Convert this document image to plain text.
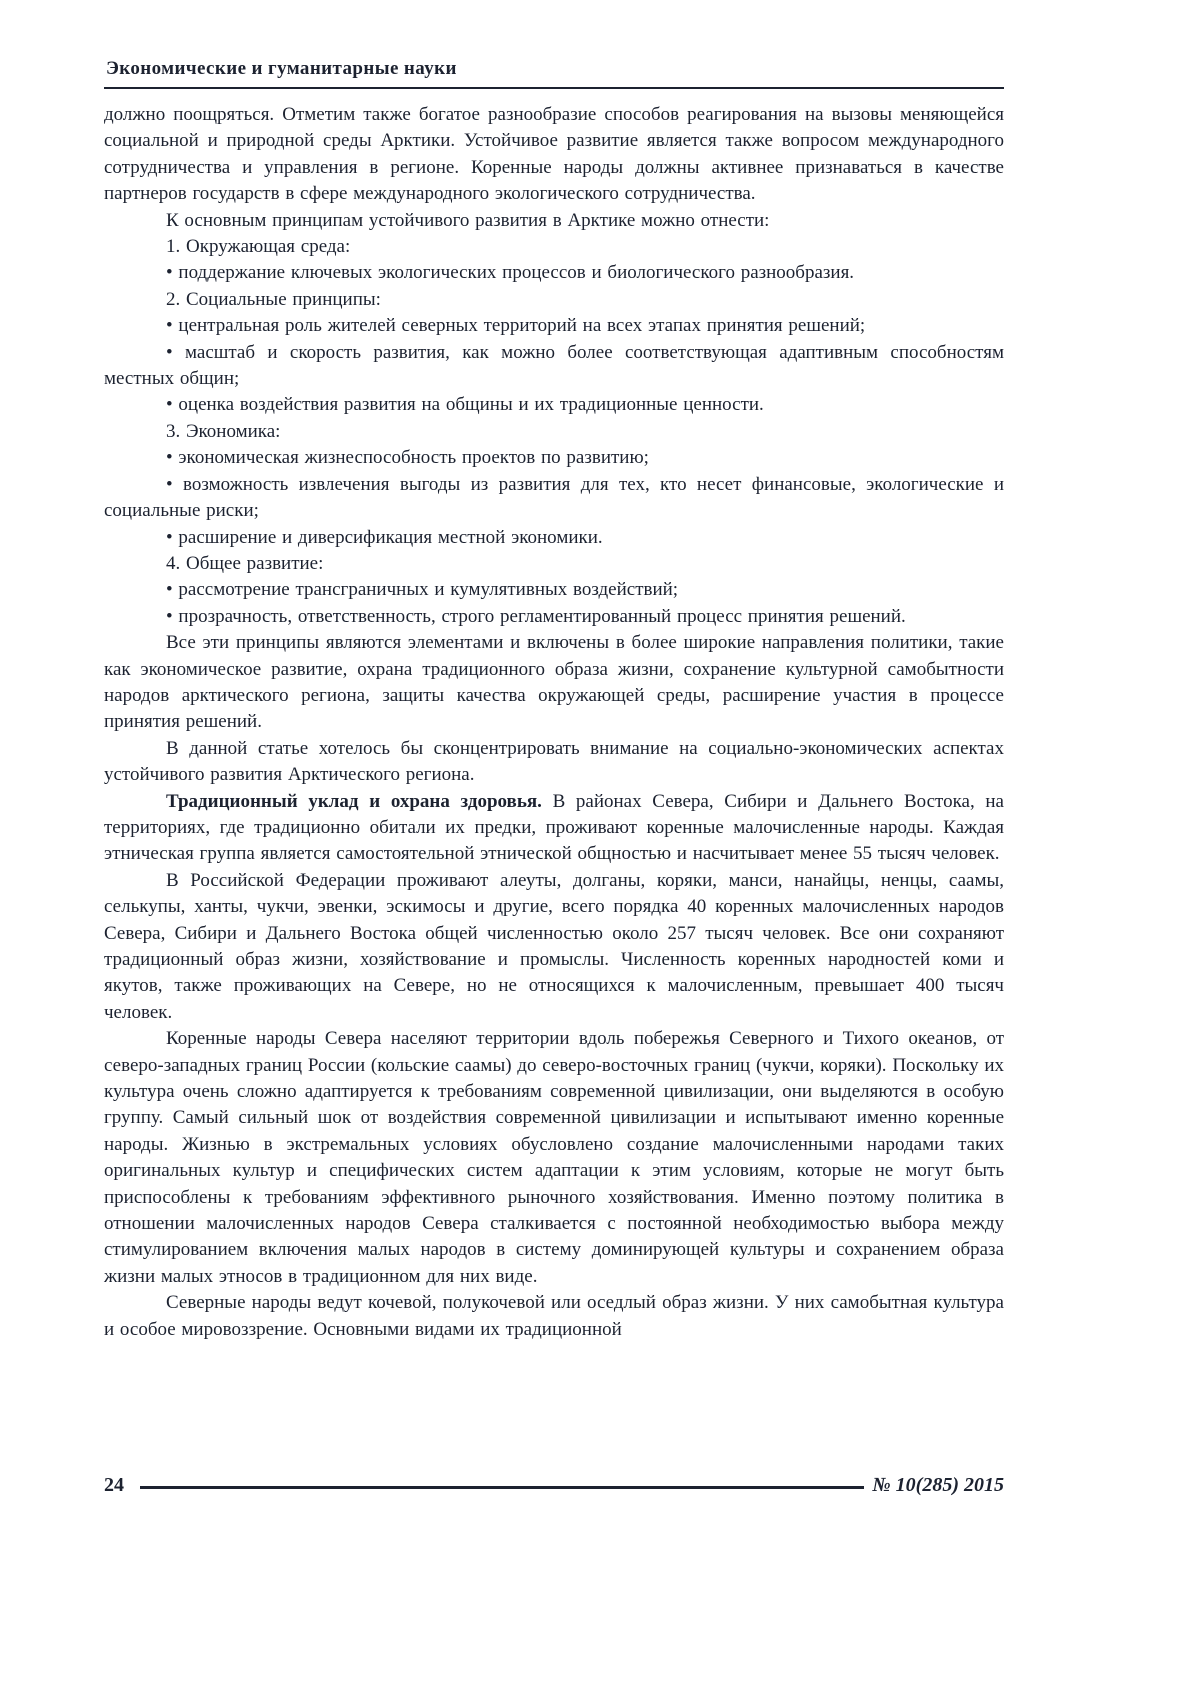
Экономические и гуманитарные науки

должно поощряться. Отметим также богатое разнообразие способов реагирования на вызовы меняющейся социальной и природной среды Арктики. Устойчивое развитие является также вопросом международного сотрудничества и управления в регионе. Коренные народы должны активнее признаваться в качестве партнеров государств в сфере международного экологического сотрудничества.

К основным принципам устойчивого развития в Арктике можно отнести:

1. Окружающая среда:

• поддержание ключевых экологических процессов и биологического разнообразия.

2. Социальные принципы:

• центральная роль жителей северных территорий на всех этапах принятия решений;

• масштаб и скорость развития, как можно более соответствующая адаптивным способностям местных общин;

• оценка воздействия развития на общины и их традиционные ценности.

3. Экономика:

• экономическая жизнеспособность проектов по развитию;

• возможность извлечения выгоды из развития для тех, кто несет финансовые, экологические и социальные риски;

• расширение и диверсификация местной экономики.

4. Общее развитие:

• рассмотрение трансграничных и кумулятивных воздействий;

• прозрачность, ответственность, строго регламентированный процесс принятия решений.

Все эти принципы являются элементами и включены в более широкие направления политики, такие как экономическое развитие, охрана традиционного образа жизни, сохранение культурной самобытности народов арктического региона, защиты качества окружающей среды, расширение участия в процессе принятия решений.

В данной статье хотелось бы сконцентрировать внимание на социально-экономических аспектах устойчивого развития Арктического региона.

Традиционный уклад и охрана здоровья. В районах Севера, Сибири и Дальнего Востока, на территориях, где традиционно обитали их предки, проживают коренные малочисленные народы. Каждая этническая группа является самостоятельной этнической общностью и насчитывает менее 55 тысяч человек.

В Российской Федерации проживают алеуты, долганы, коряки, манси, нанайцы, ненцы, саамы, селькупы, ханты, чукчи, эвенки, эскимосы и другие, всего порядка 40 коренных малочисленных народов Севера, Сибири и Дальнего Востока общей численностью около 257 тысяч человек. Все они сохраняют традиционный образ жизни, хозяйствование и промыслы. Численность коренных народностей коми и якутов, также проживающих на Севере, но не относящихся к малочисленным, превышает 400 тысяч человек.

Коренные народы Севера населяют территории вдоль побережья Северного и Тихого океанов, от северо-западных границ России (кольские саамы) до северо-восточных границ (чукчи, коряки). Поскольку их культура очень сложно адаптируется к требованиям современной цивилизации, они выделяются в особую группу. Самый сильный шок от воздействия современной цивилизации и испытывают именно коренные народы. Жизнью в экстремальных условиях обусловлено создание малочисленными народами таких оригинальных культур и специфических систем адаптации к этим условиям, которые не могут быть приспособлены к требованиям эффективного рыночного хозяйствования. Именно поэтому политика в отношении малочисленных народов Севера сталкивается с постоянной необходимостью выбора между стимулированием включения малых народов в систему доминирующей культуры и сохранением образа жизни малых этносов в традиционном для них виде.

Северные народы ведут кочевой, полукочевой или оседлый образ жизни. У них самобытная культура и особое мировоззрение. Основными видами их традиционной

24	№ 10(285) 2015
